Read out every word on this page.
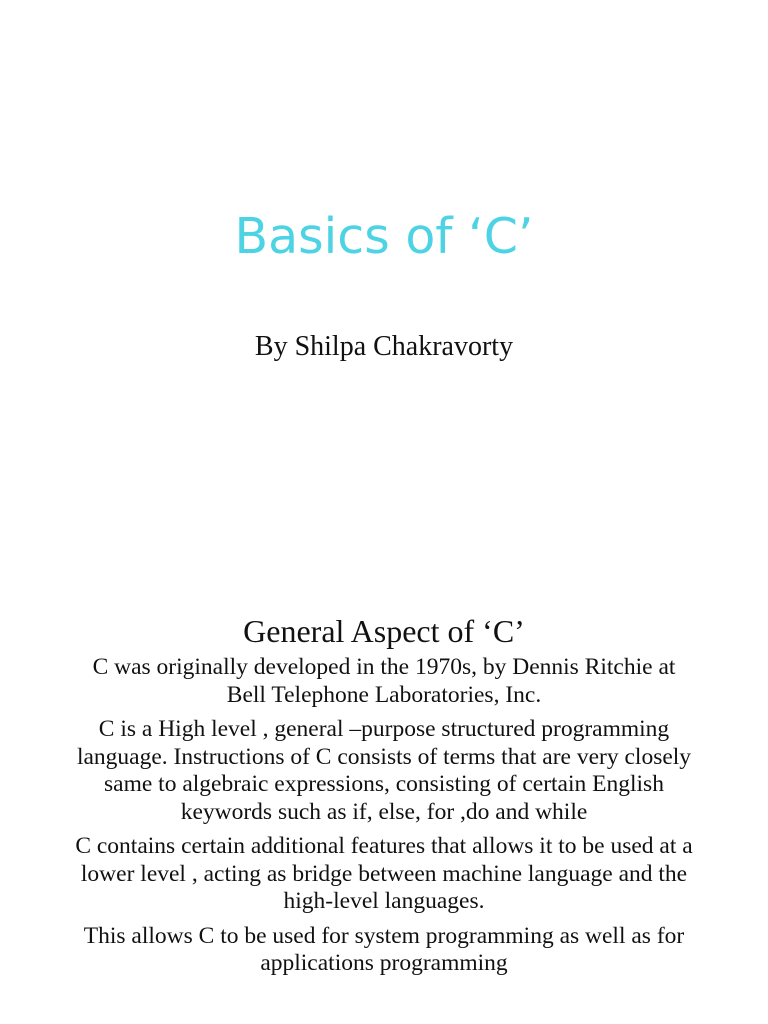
Basics of ‘C’
By Shilpa Chakravorty
General Aspect of ‘C’

C was originally developed in the 1970s, by Dennis Ritchie at
Bell Telephone Laboratories, Inc.

C is a High level , general –purpose structured programming
language. Instructions of C consists of terms that are very closely
same to algebraic expressions, consisting of certain English
keywords such as if, else, for ,do and while

C contains certain additional features that allows it to be used at a
lower level , acting as bridge between machine language and the
high-level languages.

This allows C to be used for system programming as well as for
applications programming
